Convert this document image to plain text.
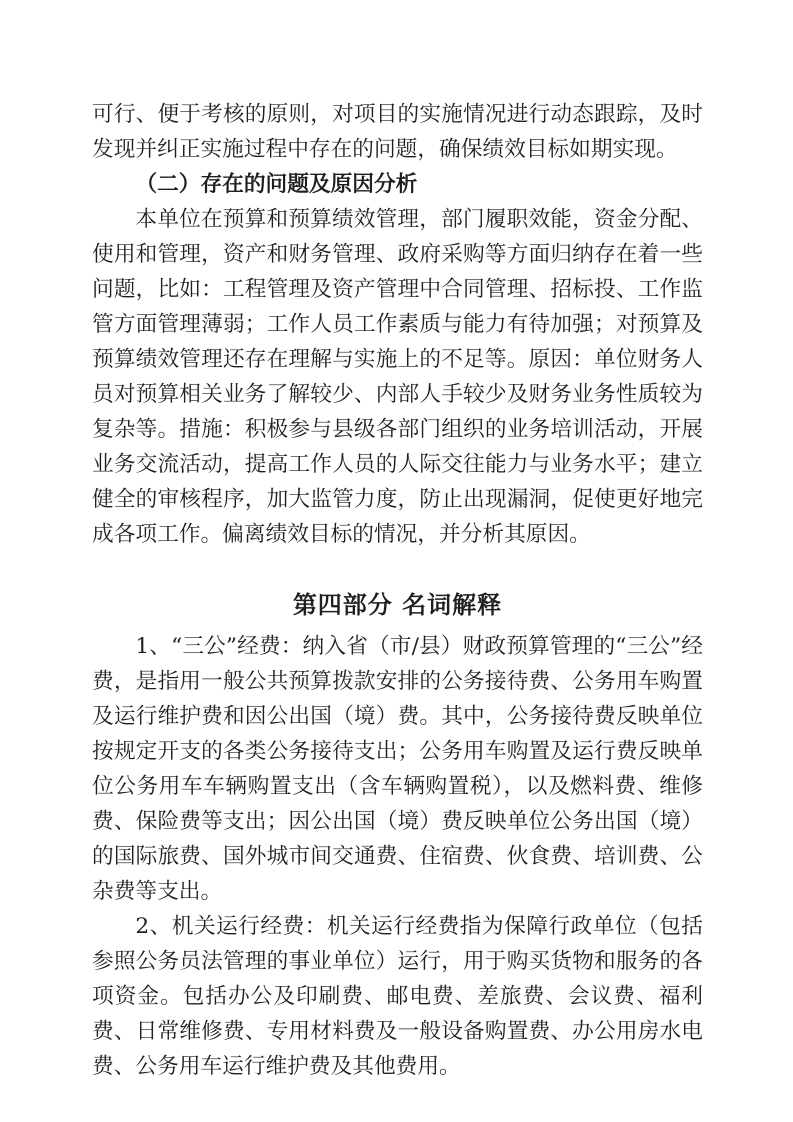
可行、便于考核的原则，对项目的实施情况进行动态跟踪，及时发现并纠正实施过程中存在的问题，确保绩效目标如期实现。

（二）存在的问题及原因分析

本单位在预算和预算绩效管理，部门履职效能，资金分配、使用和管理，资产和财务管理、政府采购等方面归纳存在着一些问题，比如：工程管理及资产管理中合同管理、招标投、工作监管方面管理薄弱；工作人员工作素质与能力有待加强；对预算及预算绩效管理还存在理解与实施上的不足等。原因：单位财务人员对预算相关业务了解较少、内部人手较少及财务业务性质较为复杂等。措施：积极参与县级各部门组织的业务培训活动，开展业务交流活动，提高工作人员的人际交往能力与业务水平；建立健全的审核程序，加大监管力度，防止出现漏洞，促使更好地完成各项工作。偏离绩效目标的情况，并分析其原因。

第四部分 名词解释

1、“三公”经费：纳入省（市/县）财政预算管理的“三公”经费，是指用一般公共预算拨款安排的公务接待费、公务用车购置及运行维护费和因公出国（境）费。其中，公务接待费反映单位按规定开支的各类公务接待支出；公务用车购置及运行费反映单位公务用车车辆购置支出（含车辆购置税），以及燃料费、维修费、保险费等支出；因公出国（境）费反映单位公务出国（境）的国际旅费、国外城市间交通费、住宿费、伙食费、培训费、公杂费等支出。

2、机关运行经费：机关运行经费指为保障行政单位（包括参照公务员法管理的事业单位）运行，用于购买货物和服务的各项资金。包括办公及印刷费、邮电费、差旅费、会议费、福利费、日常维修费、专用材料费及一般设备购置费、办公用房水电费、公务用车运行维护费及其他费用。
